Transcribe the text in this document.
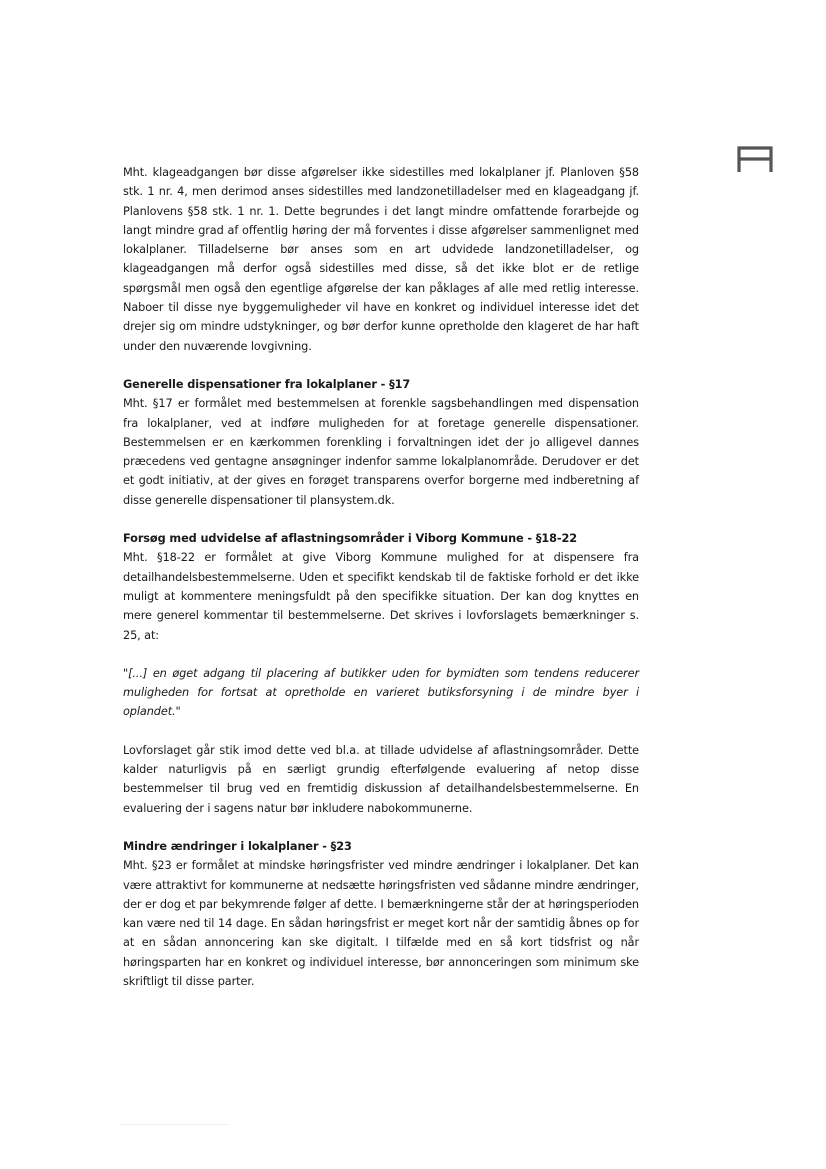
Mht. klageadgangen bør disse afgørelser ikke sidestilles med lokalplaner jf. Planloven §58 stk. 1 nr. 4, men derimod anses sidestilles med landzonetilladelser med en klageadgang jf. Planlovens §58 stk. 1 nr. 1. Dette begrundes i det langt mindre omfattende forarbejde og langt mindre grad af offentlig høring der må forventes i disse afgørelser sammenlignet med lokalplaner. Tilladelserne bør anses som en art udvidede landzonetilladelser, og klageadgangen må derfor også sidestilles med disse, så det ikke blot er de retlige spørgsmål men også den egentlige afgørelse der kan påklages af alle med retlig interesse. Naboer til disse nye byggemuligheder vil have en konkret og individuel interesse idet det drejer sig om mindre udstykninger, og bør derfor kunne opretholde den klageret de har haft under den nuværende lovgivning.

Generelle dispensationer fra lokalplaner - §17

Mht. §17 er formålet med bestemmelsen at forenkle sagsbehandlingen med dispensation fra lokalplaner, ved at indføre muligheden for at foretage generelle dispensationer. Bestemmelsen er en kærkommen forenkling i forvaltningen idet der jo alligevel dannes præcedens ved gentagne ansøgninger indenfor samme lokalplanområde. Derudover er det et godt initiativ, at der gives en forøget transparens overfor borgerne med indberetning af disse generelle dispensationer til plansystem.dk.

Forsøg med udvidelse af aflastningsområder i Viborg Kommune - §18-22

Mht. §18-22 er formålet at give Viborg Kommune mulighed for at dispensere fra detailhandelsbestemmelserne. Uden et specifikt kendskab til de faktiske forhold er det ikke muligt at kommentere meningsfuldt på den specifikke situation. Der kan dog knyttes en mere generel kommentar til bestemmelserne. Det skrives i lovforslagets bemærkninger s. 25, at:

"[...] en øget adgang til placering af butikker uden for bymidten som tendens reducerer muligheden for fortsat at opretholde en varieret butiksforsyning i de mindre byer i oplandet."

Lovforslaget går stik imod dette ved bl.a. at tillade udvidelse af aflastningsområder. Dette kalder naturligvis på en særligt grundig efterfølgende evaluering af netop disse bestemmelser til brug ved en fremtidig diskussion af detailhandelsbestemmelserne. En evaluering der i sagens natur bør inkludere nabokommunerne.

Mindre ændringer i lokalplaner - §23

Mht. §23 er formålet at mindske høringsfrister ved mindre ændringer i lokalplaner. Det kan være attraktivt for kommunerne at nedsætte høringsfristen ved sådanne mindre ændringer, der er dog et par bekymrende følger af dette. I bemærkningerne står der at høringsperioden kan være ned til 14 dage. En sådan høringsfrist er meget kort når der samtidig åbnes op for at en sådan annoncering kan ske digitalt. I tilfælde med en så kort tidsfrist og når høringsparten har en konkret og individuel interesse, bør annonceringen som minimum ske skriftligt til disse parter.
